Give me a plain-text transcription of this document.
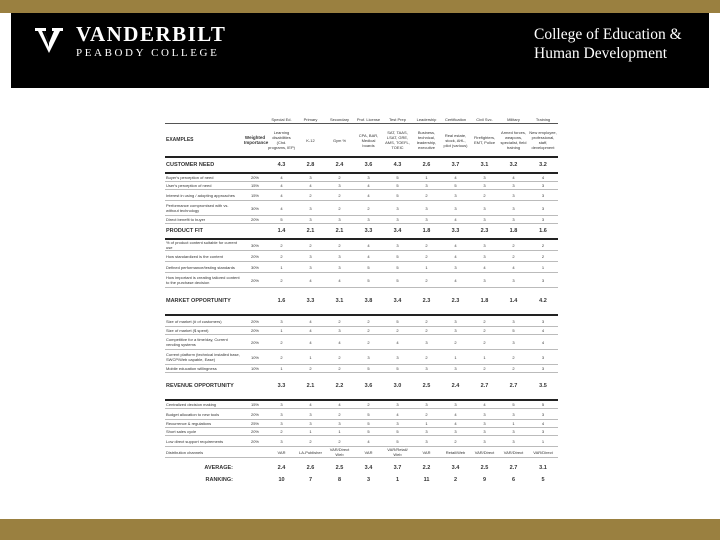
VANDERBILT
PEABODY COLLEGE
College of Education &
Human Development
		Special Ed.	Primary	Secondary	Prof. License	Test Prep	Leadership	Certification	Civil Svc.	Military	Training
EXAMPLES	Weighted Importance	Learning disabilities (Chd. programs, IEP)	K-12	Gym %	CPA, BAR, Medical boards	SAT, TAAS, LSAT, GRE, AMS, TOEFL, TOEIC	Business, technical, leadership, executive	Real estate, stock, AHL, pilot (various)	Firefighters, EMT, Police	Armed forces, weapons, specialist, field training	New employee, professional, staff, development
CUSTOMER NEED		4.3	2.8	2.4	3.6	4.3	2.6	3.7	3.1	3.2	3.2
Buyer's perception of need	20%	4	3	2	3	5	1	4	3	4	4
User's perception of need	15%	4	4	3	4	5	3	5	3	3	3
Interest in using / adopting approaches	15%	4	2	2	4	5	2	3	2	3	3
Performance compromised with vs. without technology	30%	4	3	2	2	3	3	3	3	3	3
Direct benefit to buyer	20%	5	3	3	3	3	3	4	3	3	3
PRODUCT FIT		1.4	2.1	2.1	3.3	3.4	1.8	3.3	2.3	1.8	1.6
% of product content suitable for current use	30%	2	2	2	4	3	2	4	3	2	2
How standardized is the content	20%	2	3	3	4	5	2	4	3	2	2
Defined performance/testing standards	30%	1	3	3	5	5	1	3	4	4	1
How important is creating tailored content to the purchase decision	20%	2	4	4	5	5	2	4	3	3	3
MARKET OPPORTUNITY		1.6	3.3	3.1	3.8	3.4	2.3	2.3	1.8	1.4	4.2
Size of market (# of customers)	20%	3	4	2	2	5	2	3	2	3	3
Size of market ($ spent)	20%	1	4	3	2	2	2	3	2	5	4
Competitive for a time/day, Current vending systems	20%	2	4	4	2	4	3	2	2	3	4
Current platform (technical installed base, SWCP/Web capable, Ease)	10%	2	1	2	3	3	2	1	1	2	3
Mobile education willingness	10%	1	2	2	5	5	3	3	2	2	3
REVENUE OPPORTUNITY		3.3	2.1	2.2	3.6	3.0	2.5	2.4	2.7	2.7	3.5
Centralized decision making	15%	3	4	4	2	3	3	3	4	5	5
Budget allocation to new tools	20%	3	3	2	5	4	2	4	3	3	3
Recurrence & regulations	25%	3	3	3	5	3	1	4	3	1	4
Short sales cycle	20%	2	1	1	5	5	3	3	3	3	3
Low direct support requirements	20%	3	2	2	4	5	3	2	3	3	1
Distribution channels		VAR	LA-Publisher	VAR/Direct Web	VAR	VAR/Retail/ Web	VAR	Retail/Web	VAR/Direct	VAR/Direct	VAR/Direct

AVERAGE:		2.4	2.6	2.5	3.4	3.7	2.2	3.4	2.5	2.7	3.1
RANKING:		10	7	8	3	1	11	2	9	6	5
